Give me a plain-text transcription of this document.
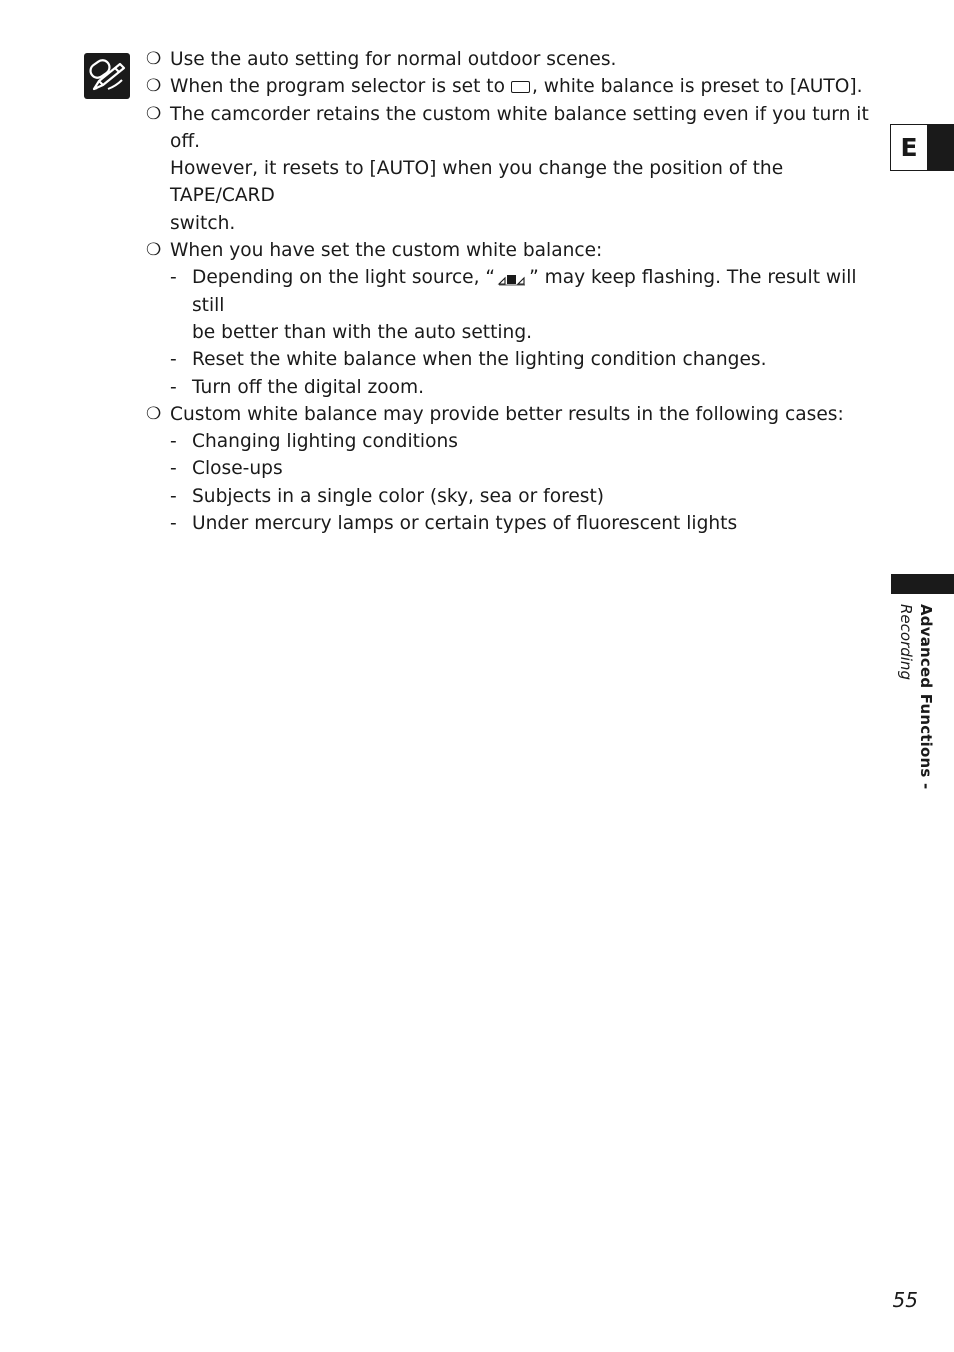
❍ Use the auto setting for normal outdoor scenes.

❍ When the program selector is set to , white balance is preset to [AUTO].

❍ The camcorder retains the custom white balance setting even if you turn it off.
However, it resets to [AUTO] when you change the position of the TAPE/CARD
switch.

❍ When you have set the custom white balance:

- Depending on the light source, “ ” may keep flashing. The result will still
be better than with the auto setting.

- Reset the white balance when the lighting condition changes.

- Turn off the digital zoom.

❍ Custom white balance may provide better results in the following cases:

- Changing lighting conditions

- Close-ups

- Subjects in a single color (sky, sea or forest)

- Under mercury lamps or certain types of fluorescent lights

E
Advanced Functions -
Recording
55
